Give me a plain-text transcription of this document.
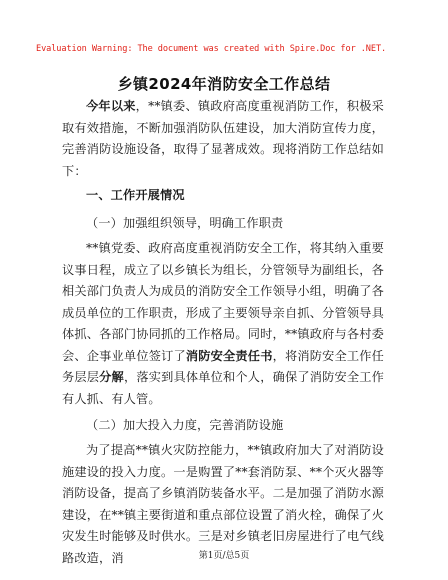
Evaluation Warning: The document was created with Spire.Doc for .NET.
乡镇2024年消防安全工作总结

今年以来，**镇委、镇政府高度重视消防工作，积极采取有效措施，不断加强消防队伍建设，加大消防宣传力度，完善消防设施设备，取得了显著成效。现将消防工作总结如下：

一、工作开展情况

（一）加强组织领导，明确工作职责

**镇党委、政府高度重视消防安全工作，将其纳入重要议事日程，成立了以乡镇长为组长，分管领导为副组长，各相关部门负责人为成员的消防安全工作领导小组，明确了各成员单位的工作职责，形成了主要领导亲自抓、分管领导具体抓、各部门协同抓的工作格局。同时，**镇政府与各村委会、企事业单位签订了消防安全责任书，将消防安全工作任务层层分解，落实到具体单位和个人，确保了消防安全工作有人抓、有人管。

（二）加大投入力度，完善消防设施

为了提高**镇火灾防控能力，**镇政府加大了对消防设施建设的投入力度。一是购置了**套消防泵、**个灭火器等消防设备，提高了乡镇消防装备水平。二是加强了消防水源建设，在**镇主要街道和重点部位设置了消火栓，确保了火灾发生时能够及时供水。三是对乡镇老旧房屋进行了电气线路改造，消	第1页/总5页
